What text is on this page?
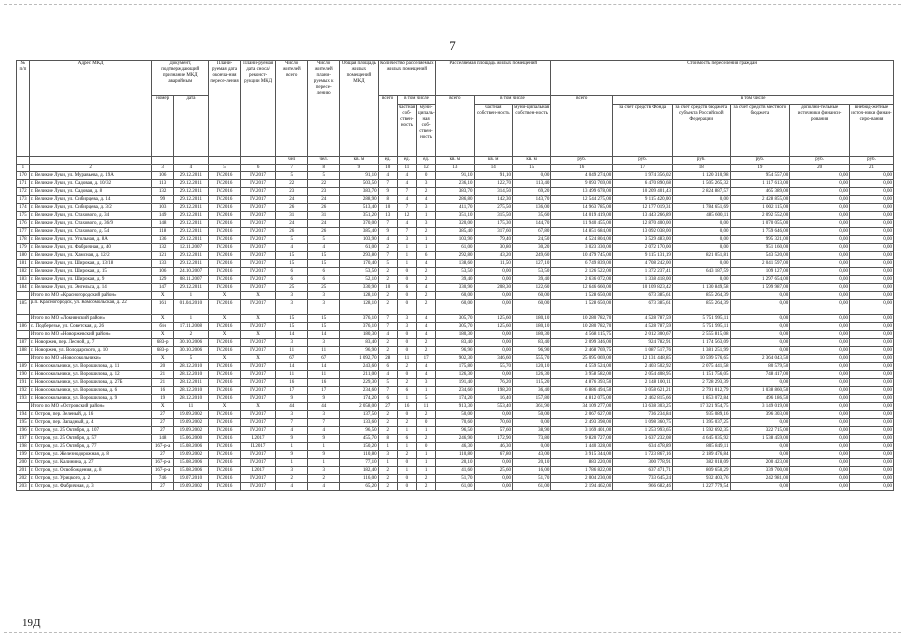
7
№ п/п	Адрес МКД	Документ, подтверждающий признание МКД аварийным		Плани-руемая дата оконча-ния пересе-ления	Плани-руемая дата сноса/ реконст-рукции МКД	Число жителей всего	Число жителей плани-руемых к пересе-лению	Общая площадь жилых помещений МКД	Количество расселяемых жилых помещений			Расселяемая площадь жилых помещений			Стоимость переселения граждан					
		номер	дата						всего	в том числе		всего	в том числе		всего	в том числе				
										частная соб-ствен-ность	муни-ципаль-ная соб-ствен-ность		частная собствен-ность	муни-ципальная собствен-ность		за счет средств Фонда	за счет средств бюджета субъекта Российской Федерации	за счет средств местного бюджета	дополни-тельные источники финанси-рования	внебюд-жетные источ-ники финан-сиро-вания
						чел	чел.	кв. м	ед.	ед.	ед.	кв. м	кв. м	кв. м	руб.	руб.	руб.	руб.	руб.	руб.
1	2	3	4	5	6	7	8	9	10	11	12	13	14	15	16	17	18	19	20	21
170	г. Великие Луки, ул. Муравьева, д. 19А	106	29.12.2011	IV.2016	IV.2017	5	5	91,10	4	4	0	91,10	91,10	0,00	4 049 274,00	1 974 356,02	1 120 310,98	954 557,00	0,00	0,00
171	г. Великие Луки, ул. Садовая, д. 10/32	113	29.12.2011	IV.2016	IV.2017	22	22	503,50	7	4	3	236,10	122,70	113,40	9 093 769,00	6 470 890,68	1 505 265,32	1 117 613,00	0,00	0,00
172	г. Великие Луки, ул. Садовая, д. 8	132	29.12.2011	IV.2016	IV.2017	23	23	383,70	9	7	2	383,70	314,50	69,20	13 499 678,00	10 209 401,43	2 824 887,57	465 389,00	0,00	0,00
173	г. Великие Луки, ул. Сибирцева, д. 14	99	29.12.2011	IV.2016	IV.2017	24	24	288,90	8	4	4	286,80	142,30	143,70	12 544 275,00	9 115 420,00	0,00	2 428 855,00	0,00	0,00
174	г. Великие Луки, ул. Сибирцева, д. 3/2	103	29.12.2011	IV.2016	IV.2017	26	26	513,40	10	7	3	411,70	275,50	136,00	14 963 785,00	12 177 019,31	1 784 651,69	1 002 115,00	0,00	0,00
175	г. Великие Луки, ул. Стахового, д. 34	149	29.12.2011	IV.2016	IV.2017	31	31	351,20	13	12	1	351,10	315,50	35,60	14 019 419,00	13 443 266,89	485 600,11	2 092 552,00	0,00	0,00
176	г. Великие Луки, ул. Стахового, д. 36/9	148	29.12.2011	IV.2016	IV.2017	24	24	370,00	7	4	3	320,00	175,30	144,70	11 940 455,00	12 870 400,00	0,00	1 070 055,00	0,00	0,00
177	г. Великие Луки, ул. Стахового, д. 54	118	29.12.2011	IV.2016	IV.2017	26	26	385,40	9	7	2	385,40	317,60	67,80	14 851 684,00	13 092 038,00	0,00	1 759 646,00	0,00	0,00
178	г. Великие Луки, ул. Угольная, д. 8А	136	29.12.2011	IV.2016	IV.2017	5	5	103,90	4	3	1	103,90	79,40	24,50	4 524 804,00	3 529 483,00	0,00	995 321,00	0,00	0,00
179	г. Великие Луки, ул. Фабричная, д. 40	132	12.11.2007	IV.2016	IV.2017	4	4	61,00	2	1	1	61,00	30,80	30,20	3 023 330,00	2 072 170,00	0,00	951 160,00	0,00	0,00
180	г. Великие Луки, ул. Хамсная, д. 12/2	121	29.12.2011	IV.2016	IV.2017	15	15	293,80	7	1	6	292,80	43,20	249,60	10 479 745,00	9 115 131,19	821 051,81	543 520,00	0,00	0,00
181	г. Великие Луки, ул. Широкая, д. 13/18	133	29.12.2011	IV.2016	IV.2017	15	15	170,40	5	1	4	138,60	11,50	127,10	6 749 839,00	4 708 242,00	0,00	2 041 597,00	0,00	0,00
182	г. Великие Луки, ул. Широкая, д. 15	106	24.10.2007	IV.2016	IV.2017	6	6	53,50	2	0	2	53,50	0,00	53,50	2 126 522,00	1 372 237,41	643 187,59	109 127,00	0,00	0,00
183	г. Великие Луки, ул. Широкая, д. 9	129	08.11.2007	IV.2016	IV.2017	6	6	52,10	2	0	2	39,40	0,00	39,40	2 636 072,00	1 338 418,00	0,00	1 297 654,00	0,00	0,00
184	г. Великие Луки, ул. Энгельса, д. 14	147	29.12.2011	IV.2016	IV.2017	25	25	330,90	10	6	4	330,90	208,30	122,60	12 646 660,00	10 109 823,42	1 130 849,58	1 599 987,00	0,00	0,00
	Итого по МО «Красногородский район»	X	1	X	X	3	3	128,10	2	0	2	60,00	0,00	60,00	1 528 650,00	673 385,61	855 264,39	0,00	0,00	0,00
185	р.п. Красногородск, ул. Комсомольская, д. 22	161	01.04.2010	IV.2016	IV.2017	3	3	128,10	2	0	2	60,00	0,00	60,00	1 528 650,00	673 385,61	855 264,39	0,00	0,00	0,00
	Итого по МО «Локнянский район»	X	1	X	X	15	15	376,10	7	3	4	305,70	125,60	180,10	10 280 782,70	4 528 787,59	5 751 995,11	0,00	0,00	0,00
186	с. Подберезье, ул. Советская, д. 26	б/н	17.11.2008	IV.2016	IV.2017	15	15	376,10	7	3	4	305,70	125,60	180,10	10 280 782,70	4 528 787,59	5 751 995,11	0,00	0,00	0,00
	Итого по МО «Новоржевский район»	X	2	X	X	14	14	180,30	4	0	4	180,30	0,00	180,30	4 568 115,75	2 012 300,67	2 555 815,08	0,00	0,00	0,00
187	г. Новоржев, пер. Лесной, д. 7	683-р	30.10.2006	IV.2016	IV.2017	3	3	83,40	2	0	2	83,40	0,00	83,40	2 099 346,00	924 782,91	1 174 563,09	0,00	0,00	0,00
188	г. Новоржев, ул. Володарского, д. 10	683-р	30.10.2006	IV.2016	IV.2017	11	11	96,90	2	0	2	96,90	0,00	96,90	2 468 769,75	1 087 517,76	1 381 251,99	0,00	0,00	0,00
	Итого по МО «Новосокольники»	X	5	X	X	67	67	1 092,70	28	11	17	902,30	346,60	555,70	25 095 069,00	12 131 448,85	10 599 576,65	2 364 043,50	0,00	0,00
189	г. Новосокольники, ул. Ворошилова, д. 11	20	28.12.2010	IV.2016	IV.2017	14	14	243,60	6	2	4	175,80	55,70	120,10	4 559 524,00	2 403 502,92	2 075 441,58	80 579,50	0,00	0,00
190	г. Новосокольники, ул. Ворошилова, д. 12	21	28.12.2010	IV.2016	IV.2017	11	11	211,00	4	0	4	126,30	0,00	126,30	3 958 582,00	2 054 408,95	1 151 756,05	748 417,00	0,00	0,00
191	г. Новосокольники, ул. Ворошилова, д. 27Б	21	28.12.2011	IV.2016	IV.2017	16	16	229,30	5	2	3	191,40	76,20	115,20	4 876 393,50	2 148 100,11	2 728 293,39	0,00	0,00	0,00
192	г. Новосокольники, ул. Ворошилова, д. 6	16	28.12.2010	IV.2016	IV.2017	17	17	234,60	7	6	1	234,60	198,20	36,40	6 886 494,50	3 058 621,21	2 791 012,79	1 038 860,50	0,00	0,00
193	г. Новосокольники, ул. Ворошилова, д. 9	19	28.12.2010	IV.2016	IV.2017	9	9	174,20	6	1	5	174,20	16,40	157,80	4 812 075,00	2 462 815,66	1 853 072,84	496 186,50	0,00	0,00
	Итого по МО «Островский район»	X	11	X	X	44	44	2 058,00	27	16	11	913,30	553,40	361,90	34 109 277,00	13 638 303,25	17 321 954,75	3 149 019,00	0,00	0,00
194	г. Остров, пер. Зеленый, д. 16	27	19.09.2002	IV.2016	IV.2017	3	3	137,50	2	0	2	50,00	0,00	50,00	2 067 627,00	736 234,84	935 089,16	396 303,00	0,00	0,00
195	г. Остров, пер. Западный, д. 4	27	19.09.2002	IV.2016	IV.2017	7	7	133,60	2	2	0	70,60	70,60	0,00	2 493 398,00	1 098 360,75	1 395 037,25	0,00	0,00	0,00
196	г. Остров, ул. 25 Октября, д. 107	27	19.09.2002	IV.2016	IV.2017	4	4	96,50	2	1	1	96,50	57,60	38,90	3 169 401,00	1 253 993,65	1 592 692,35	322 715,00	0,00	0,00
197	г. Остров, ул. 25 Октября, д. 57	148	15.06.2000	IV.2016	I.2017	9	9	455,70	8	6	2	246,90	172,90	73,80	9 820 727,00	3 637 232,08	4 645 035,92	1 538 459,00	0,00	0,00
198	г. Остров, ул. 25 Октября, д. 77	167-р-а	15.08.2006	IV.2016	II.2017	1	1	150,20	1	1	0	46,30	46,30	0,00	1 440 328,00	634 478,89	805 849,11	0,00	0,00	0,00
199	г. Остров, ул. Железнодорожная, д. 8	27	19.09.2002	IV.2016	IV.2017	9	9	110,80	3	2	1	110,80	67,80	43,00	3 915 344,00	1 723 867,16	2 189 476,84	0,00	0,00	0,00
200	г. Остров, ул. Калинина, д. 27	167-р-а	15.08.2006	IV.2016	IV.2017	1	1	77,10	1	0	1	20,10	0,00	20,10	883 220,00	300 778,91	382 018,09	200 423,00	0,00	0,00
201	г. Остров, ул. Освобождения, д. 8	167-р-а	15.08.2006	IV.2016	I.2017	3	3	182,40	2	1	1	41,60	25,60	16,00	1 786 822,00	637 471,71	809 650,29	339 700,00	0,00	0,00
202	г. Остров, ул. Урицкого, д. 2	746	19.07.2010	IV.2016	IV.2017	2	2	116,00	2	0	2	51,70	0,00	51,70	2 004 230,00	733 645,24	932 403,76	242 981,00	0,00	0,00
203	г. Остров, ул. Фабричная, д. 3	27	19.09.2002	IV.2016	IV.2017	4	4	65,20	2	0	2	61,00	0,00	61,00	2 194 462,00	966 682,46	1 227 779,54	0,00	0,00	0,00
19Д
